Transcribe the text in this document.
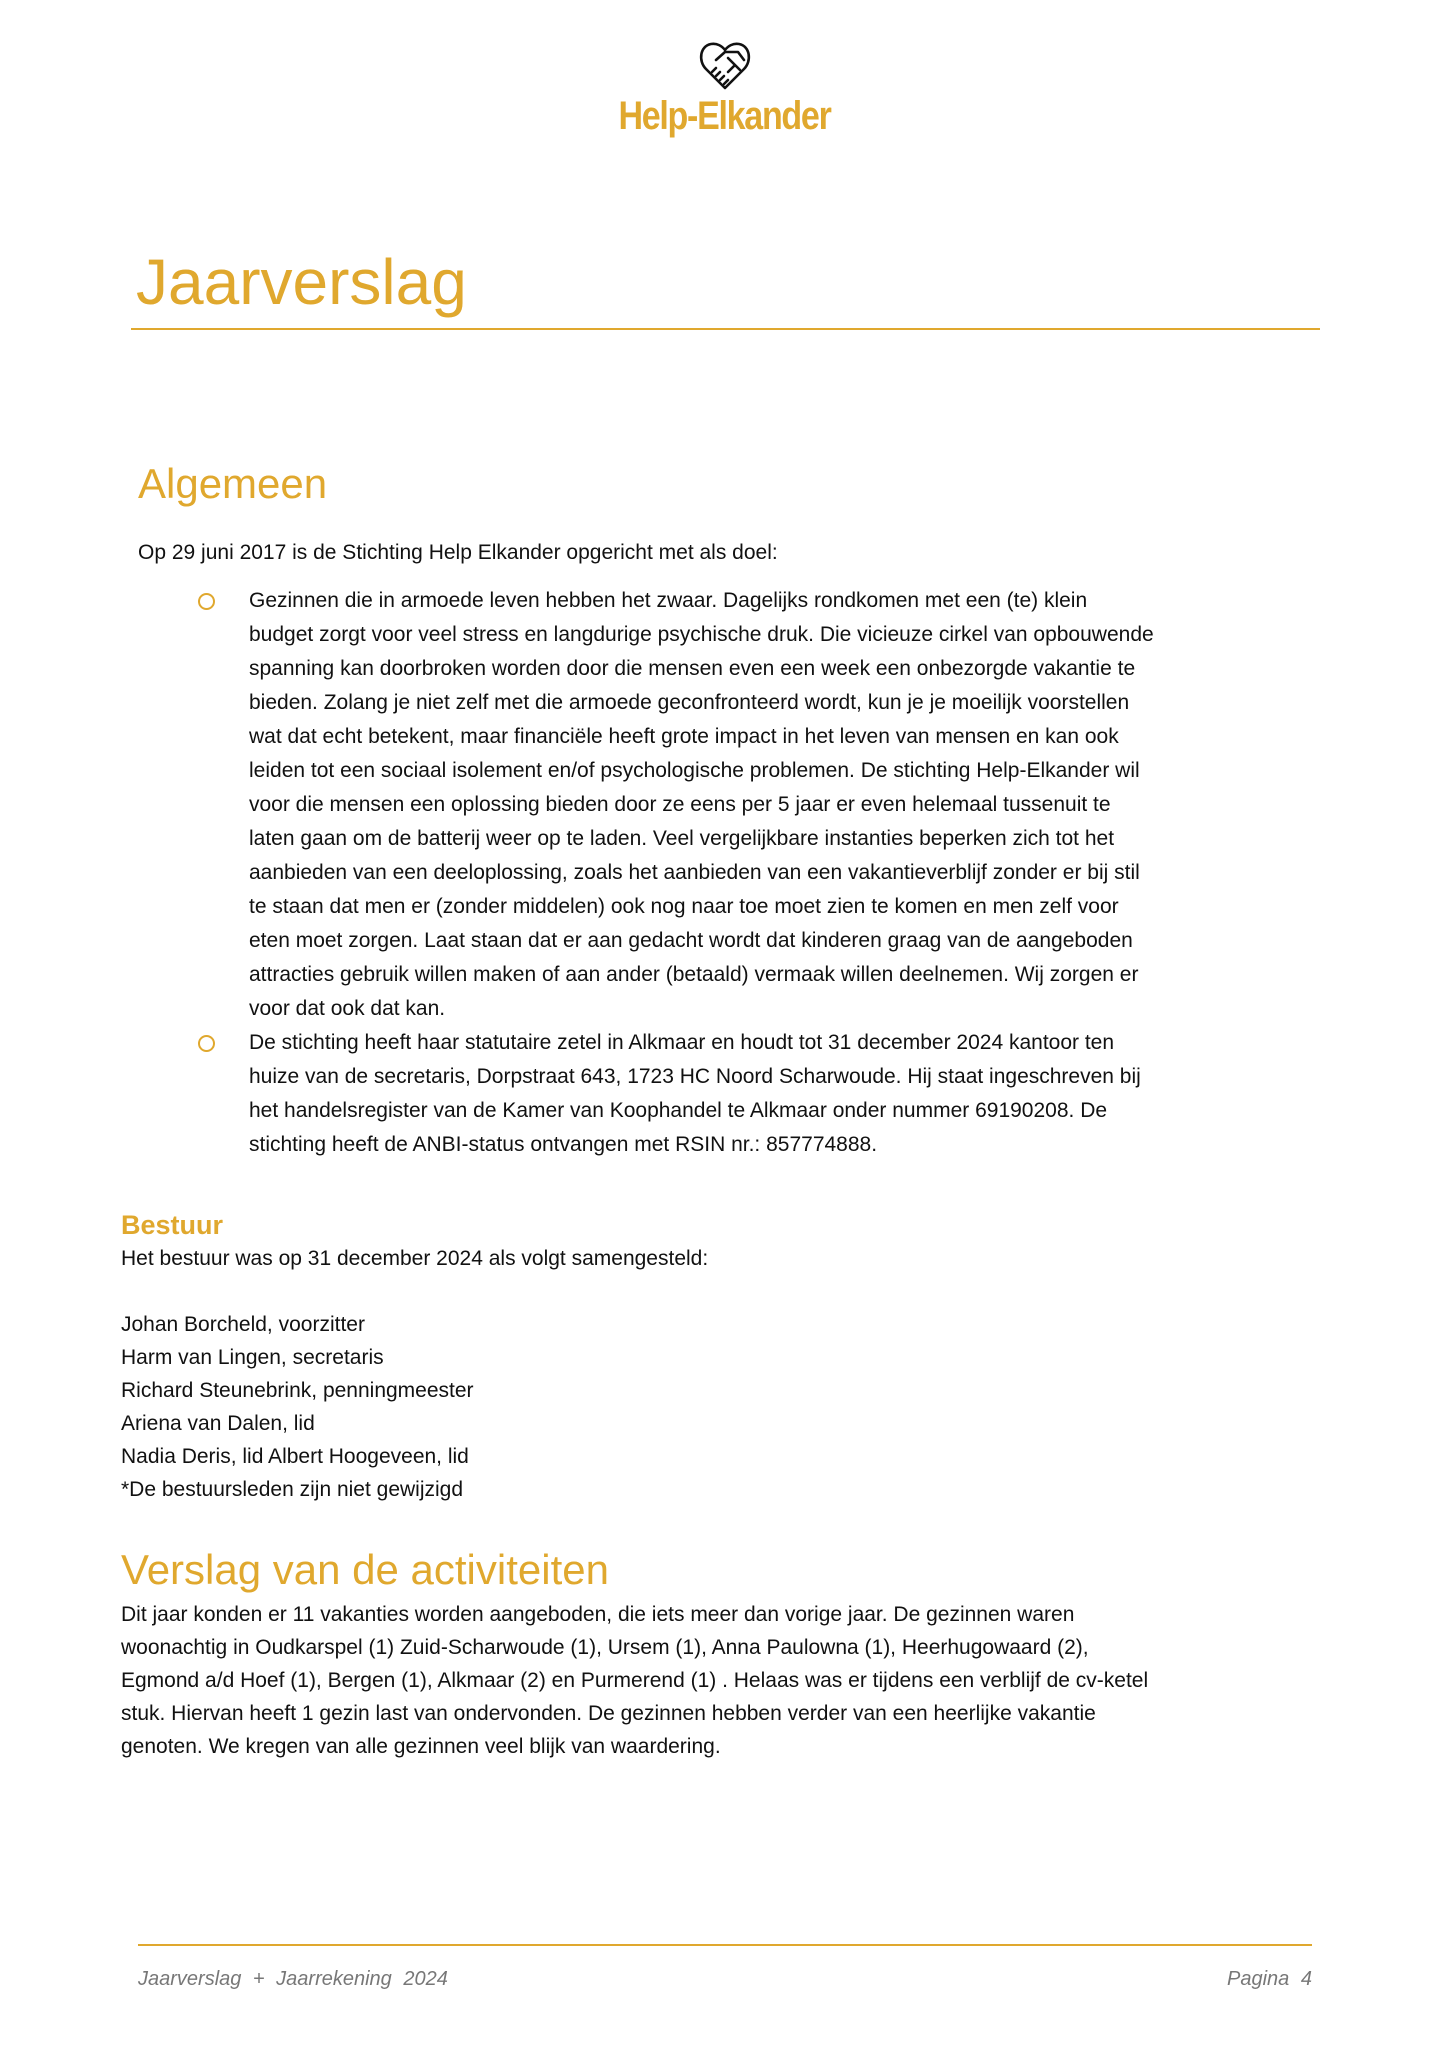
Help-Elkander
Jaarverslag
Algemeen
Op 29 juni 2017 is de Stichting Help Elkander opgericht met als doel:
Gezinnen die in armoede leven hebben het zwaar. Dagelijks rondkomen met een (te) klein
budget zorgt voor veel stress en langdurige psychische druk. Die vicieuze cirkel van opbouwende
spanning kan doorbroken worden door die mensen even een week een onbezorgde vakantie te
bieden. Zolang je niet zelf met die armoede geconfronteerd wordt, kun je je moeilijk voorstellen
wat dat echt betekent, maar financiële heeft grote impact in het leven van mensen en kan ook
leiden tot een sociaal isolement en/of psychologische problemen. De stichting Help-Elkander wil
voor die mensen een oplossing bieden door ze eens per 5 jaar er even helemaal tussenuit te
laten gaan om de batterij weer op te laden. Veel vergelijkbare instanties beperken zich tot het
aanbieden van een deeloplossing, zoals het aanbieden van een vakantieverblijf zonder er bij stil
te staan dat men er (zonder middelen) ook nog naar toe moet zien te komen en men zelf voor
eten moet zorgen. Laat staan dat er aan gedacht wordt dat kinderen graag van de aangeboden
attracties gebruik willen maken of aan ander (betaald) vermaak willen deelnemen. Wij zorgen er
voor dat ook dat kan.
De stichting heeft haar statutaire zetel in Alkmaar en houdt tot 31 december 2024 kantoor ten
huize van de secretaris, Dorpstraat 643, 1723 HC Noord Scharwoude. Hij staat ingeschreven bij
het handelsregister van de Kamer van Koophandel te Alkmaar onder nummer 69190208. De
stichting heeft de ANBI-status ontvangen met RSIN nr.: 857774888.
Bestuur
Het bestuur was op 31 december 2024 als volgt samengesteld:
Johan Borcheld, voorzitter
Harm van Lingen, secretaris
Richard Steunebrink, penningmeester
Ariena van Dalen, lid
Nadia Deris, lid Albert Hoogeveen, lid
*De bestuursleden zijn niet gewijzigd
Verslag van de activiteiten
Dit jaar konden er 11 vakanties worden aangeboden, die iets meer dan vorige jaar. De gezinnen waren
woonachtig in Oudkarspel (1) Zuid-Scharwoude (1), Ursem (1), Anna Paulowna (1), Heerhugowaard (2),
Egmond a/d Hoef (1), Bergen (1), Alkmaar (2) en Purmerend (1) . Helaas was er tijdens een verblijf de cv-ketel
stuk. Hiervan heeft 1 gezin last van ondervonden. De gezinnen hebben verder van een heerlijke vakantie
genoten. We kregen van alle gezinnen veel blijk van waardering.
Jaarverslag + Jaarrekening 2024	Pagina 4
